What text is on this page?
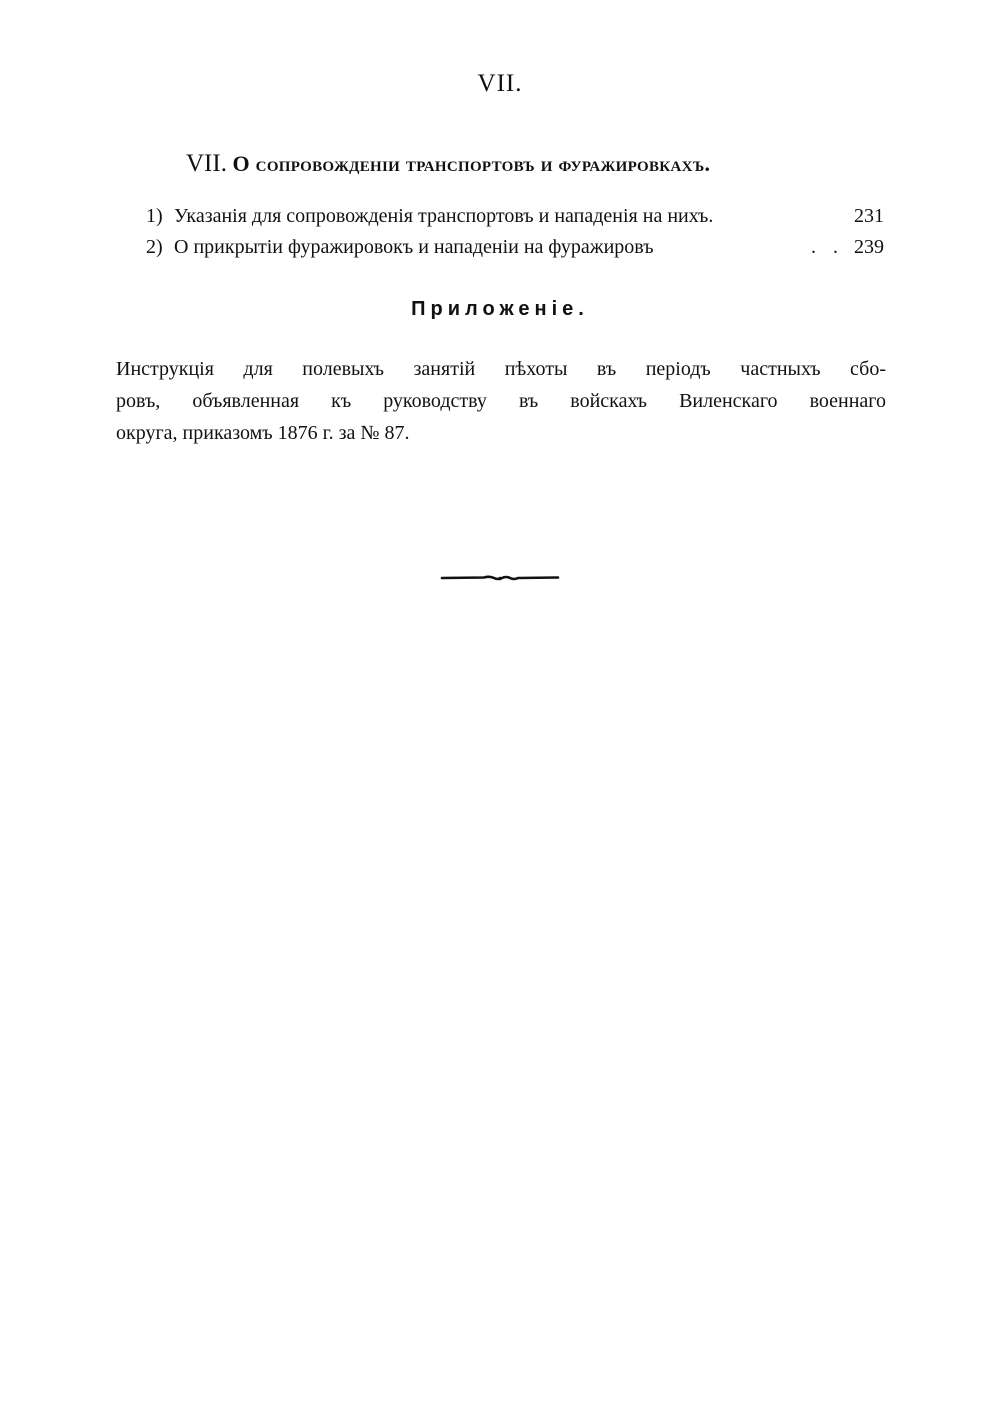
VII.
VII. О сопровожденіи транспортовъ и фуражировкахъ.
1) Указанія для сопровожденія транспортовъ и нападенія на нихъ.	231
2) О прикрытіи фуражировокъ и нападеніи на фуражировъ	. . 239
Приложеніе.
Инструкція для полевыхъ занятій пѣхоты въ періодъ частныхъ сбо-
ровъ, объявленная къ руководству въ войскахъ Виленскаго военнаго
округа, приказомъ 1876 г. за № 87.
